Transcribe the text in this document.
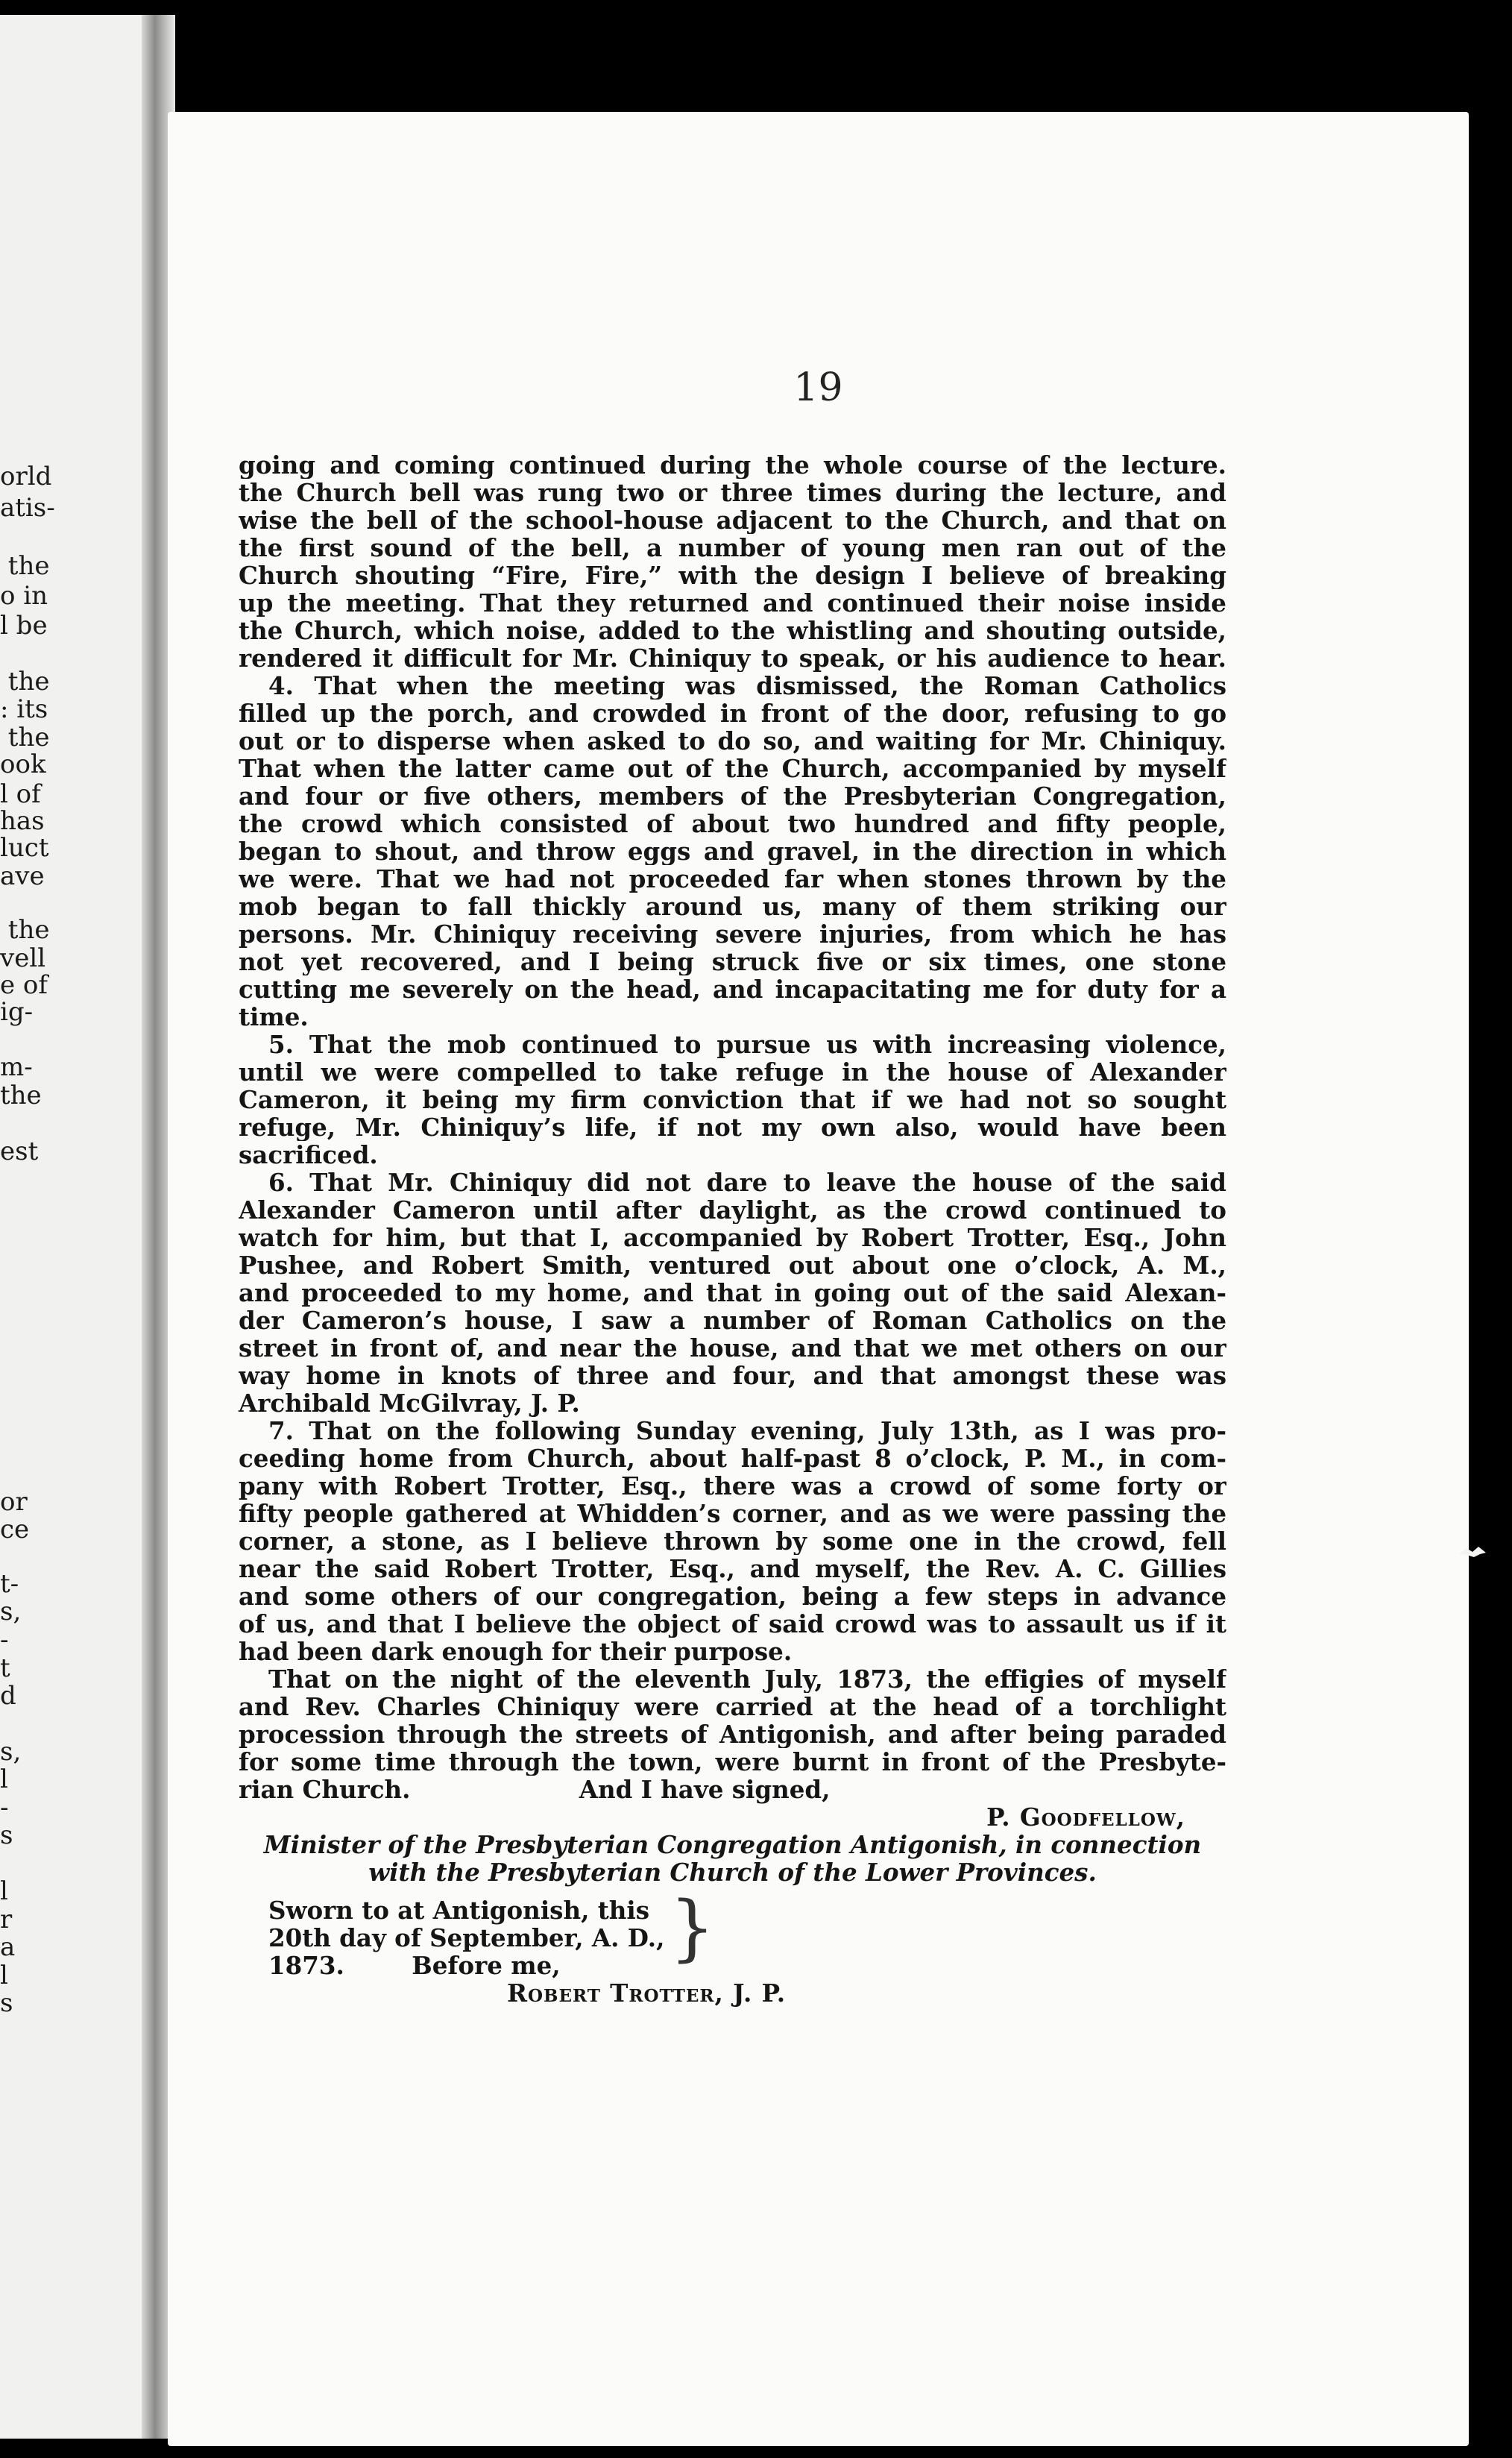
orld

atis-

the

o in

l be

the

: its

the

ook

l of

has

luct

ave

the

vell

e of

ig-

m-

the

est

or

ce

t-

s,

-

t

d

s,

l

-

s

l

r

a

l

s

19

going and coming continued during the whole course of the lecture.
the Church bell was rung two or three times during the lecture, and
wise the bell of the school-house adjacent to the Church, and that on
the first sound of the bell, a number of young men ran out of the
Church shouting “Fire, Fire,” with the design I believe of breaking
up the meeting. That they returned and continued their noise inside
the Church, which noise, added to the whistling and shouting outside,
rendered it difficult for Mr. Chiniquy to speak, or his audience to hear.
4. That when the meeting was dismissed, the Roman Catholics
filled up the porch, and crowded in front of the door, refusing to go
out or to disperse when asked to do so, and waiting for Mr. Chiniquy.
That when the latter came out of the Church, accompanied by myself
and four or five others, members of the Presbyterian Congregation,
the crowd which consisted of about two hundred and fifty people,
began to shout, and throw eggs and gravel, in the direction in which
we were. That we had not proceeded far when stones thrown by the
mob began to fall thickly around us, many of them striking our
persons. Mr. Chiniquy receiving severe injuries, from which he has
not yet recovered, and I being struck five or six times, one stone
cutting me severely on the head, and incapacitating me for duty for a
time.
5. That the mob continued to pursue us with increasing violence,
until we were compelled to take refuge in the house of Alexander
Cameron, it being my firm conviction that if we had not so sought
refuge, Mr. Chiniquy’s life, if not my own also, would have been
sacrificed.
6. That Mr. Chiniquy did not dare to leave the house of the said
Alexander Cameron until after daylight, as the crowd continued to
watch for him, but that I, accompanied by Robert Trotter, Esq., John
Pushee, and Robert Smith, ventured out about one o’clock, A. M.,
and proceeded to my home, and that in going out of the said Alexan-
der Cameron’s house, I saw a number of Roman Catholics on the
street in front of, and near the house, and that we met others on our
way home in knots of three and four, and that amongst these was
Archibald McGilvray, J. P.
7. That on the following Sunday evening, July 13th, as I was pro-
ceeding home from Church, about half-past 8 o’clock, P. M., in com-
pany with Robert Trotter, Esq., there was a crowd of some forty or
fifty people gathered at Whidden’s corner, and as we were passing the
corner, a stone, as I believe thrown by some one in the crowd, fell
near the said Robert Trotter, Esq., and myself, the Rev. A. C. Gillies
and some others of our congregation, being a few steps in advance
of us, and that I believe the object of said crowd was to assault us if it
had been dark enough for their purpose.
That on the night of the eleventh July, 1873, the effigies of myself
and Rev. Charles Chiniquy were carried at the head of a torchlight
procession through the streets of Antigonish, and after being paraded
for some time through the town, were burnt in front of the Presbyte-
rian Church.                    And I have signed,
P. Goodfellow,
Minister of the Presbyterian Congregation Antigonish, in connection
with the Presbyterian Church of the Lower Provinces.
Sworn to at Antigonish, this
20th day of September, A. D.,
1873.        Before me,	}
Robert Trotter, J. P.
